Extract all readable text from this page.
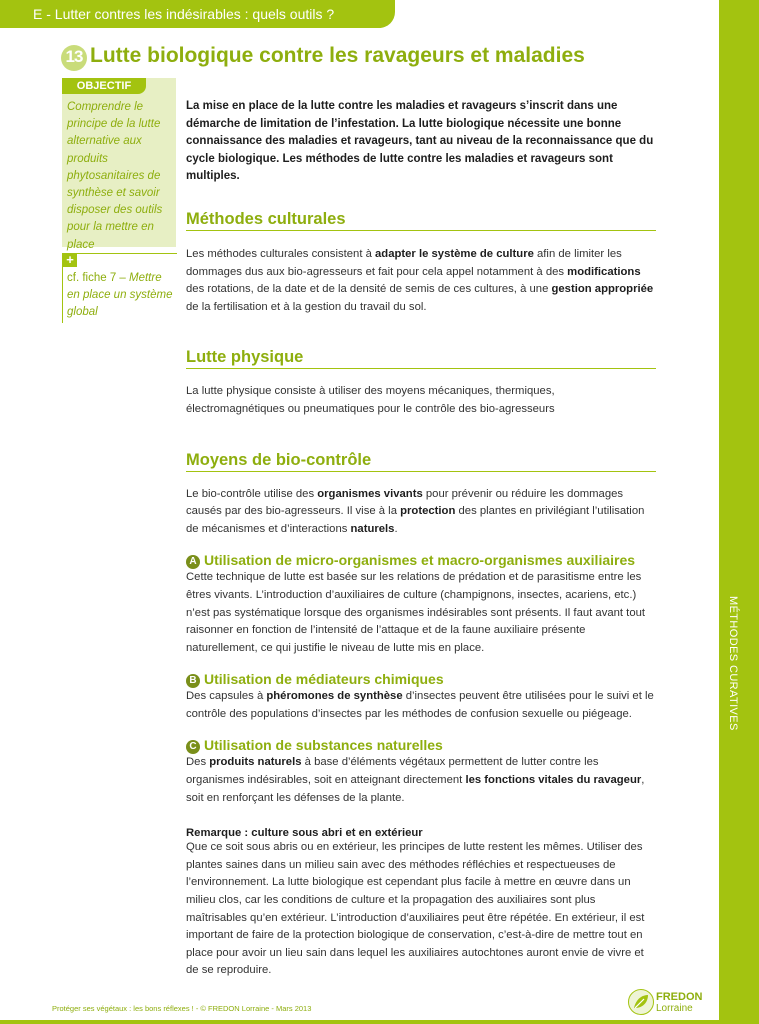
E - Lutter contres les indésirables : quels outils ?
MÉTHODES CURATIVES
13 Lutte biologique contre les ravageurs et maladies
OBJECTIF
Comprendre le principe de la lutte alternative aux produits phytosanitaires de synthèse et savoir disposer des outils pour la mettre en place
+
cf. fiche 7 – Mettre en place un système global

La mise en place de la lutte contre les maladies et ravageurs s’inscrit dans une démarche de limitation de l’infestation. La lutte biologique nécessite une bonne connaissance des maladies et ravageurs, tant au niveau de la reconnaissance que du cycle biologique. Les méthodes de lutte contre les maladies et ravageurs sont multiples.

Méthodes culturales

Les méthodes culturales consistent à adapter le système de culture afin de limiter les dommages dus aux bio-agresseurs et fait pour cela appel notamment à des modifications des rotations, de la date et de la densité de semis de ces cultures, à une gestion appropriée de la fertilisation et à la gestion du travail du sol.

Lutte physique

La lutte physique consiste à utiliser des moyens mécaniques, thermiques, électromagnétiques ou pneumatiques pour le contrôle des bio-agresseurs

Moyens de bio-contrôle

Le bio-contrôle utilise des organismes vivants pour prévenir ou réduire les dommages causés par des bio-agresseurs. Il vise à la protection des plantes en privilégiant l’utilisation de mécanismes et d’interactions naturels.

A Utilisation de micro-organismes et macro-organismes auxiliaires

Cette technique de lutte est basée sur les relations de prédation et de parasitisme entre les êtres vivants. L’introduction d’auxiliaires de culture (champignons, insectes, acariens, etc.) n’est pas systématique lorsque des organismes indésirables sont présents. Il faut avant tout raisonner en fonction de l’intensité de l’attaque et de la faune auxiliaire présente naturellement, ce qui justifie le niveau de lutte mis en place.

B Utilisation de médiateurs chimiques

Des capsules à phéromones de synthèse d’insectes peuvent être utilisées pour le suivi et le contrôle des populations d’insectes par les méthodes de confusion sexuelle ou piégeage.

C Utilisation de substances naturelles

Des produits naturels à base d’éléments végétaux permettent de lutter contre les organismes indésirables, soit en atteignant directement les fonctions vitales du ravageur, soit en renforçant les défenses de la plante.

Remarque : culture sous abri et en extérieur

Que ce soit sous abris ou en extérieur, les principes de lutte restent les mêmes. Utiliser des plantes saines dans un milieu sain avec des méthodes réfléchies et respectueuses de l’environnement. La lutte biologique est cependant plus facile à mettre en œuvre dans un milieu clos, car les conditions de culture et la propagation des auxiliaires sont plus maîtrisables qu’en extérieur. L’introduction d’auxiliaires peut être répétée. En extérieur, il est important de faire de la protection biologique de conservation, c’est-à-dire de mettre tout en place pour avoir un lieu sain dans lequel les auxiliaires autochtones auront envie de vivre et de se reproduire.

Protéger ses végétaux : les bons réflexes ! - © FREDON Lorraine - Mars 2013
FREDON
Lorraine
